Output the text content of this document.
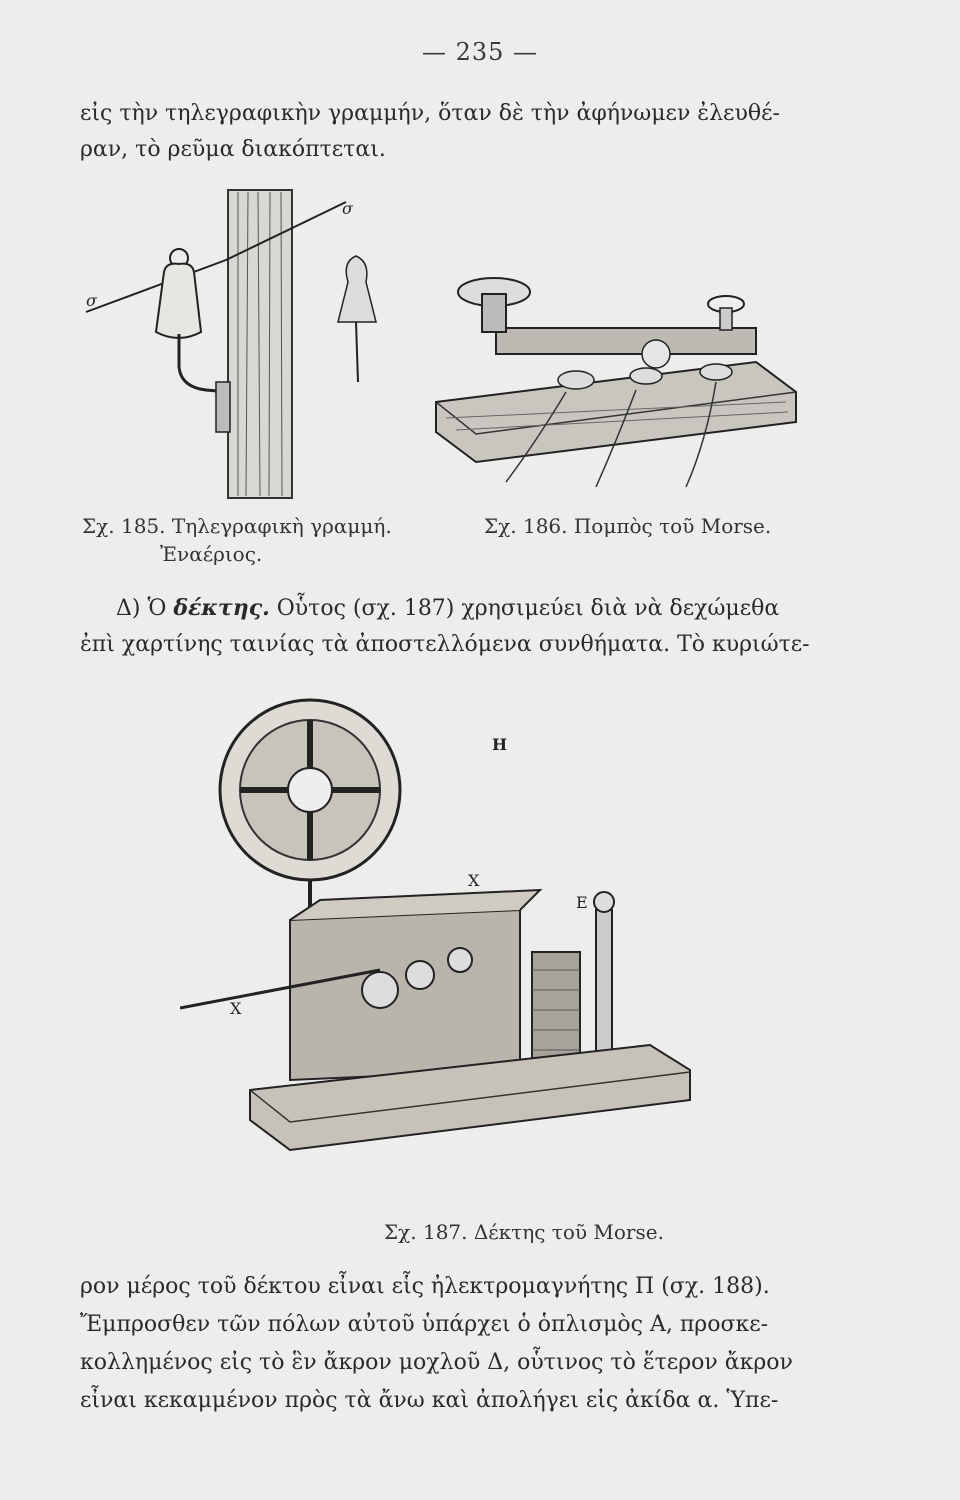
— 235 —

εἰς τὴν τηλεγραφικὴν γραμμήν, ὅταν δὲ τὴν ἀφήνωμεν ἐλευθέ-
ραν, τὸ ρεῦμα διακόπτεται.

σ
σ
Σχ. 185. Τηλεγραφικὴ γραμμή.
Ἐναέριος.
Σχ. 186. Πομπὸς τοῦ Morse.

Δ) Ὁ δέκτης. Οὗτος (σχ. 187) χρησιμεύει διὰ νὰ δεχώμεθα
ἐπὶ χαρτίνης ταινίας τὰ ἀποστελλόμενα συνθήματα. Τὸ κυριώτε-

H
X
X
E
Σχ. 187. Δέκτης τοῦ Morse.

ρον μέρος τοῦ δέκτου εἶναι εἷς ἠλεκτρομαγνήτης Π (σχ. 188).
Ἔμπροσθεν τῶν πόλων αὐτοῦ ὑπάρχει ὁ ὁπλισμὸς Α, προσκε-
κολλημένος εἰς τὸ ἓν ἄκρον μοχλοῦ Δ, οὗτινος τὸ ἕτερον ἄκρον
εἶναι κεκαμμένον πρὸς τὰ ἄνω καὶ ἀπολήγει εἰς ἀκίδα α. Ὑπε-
